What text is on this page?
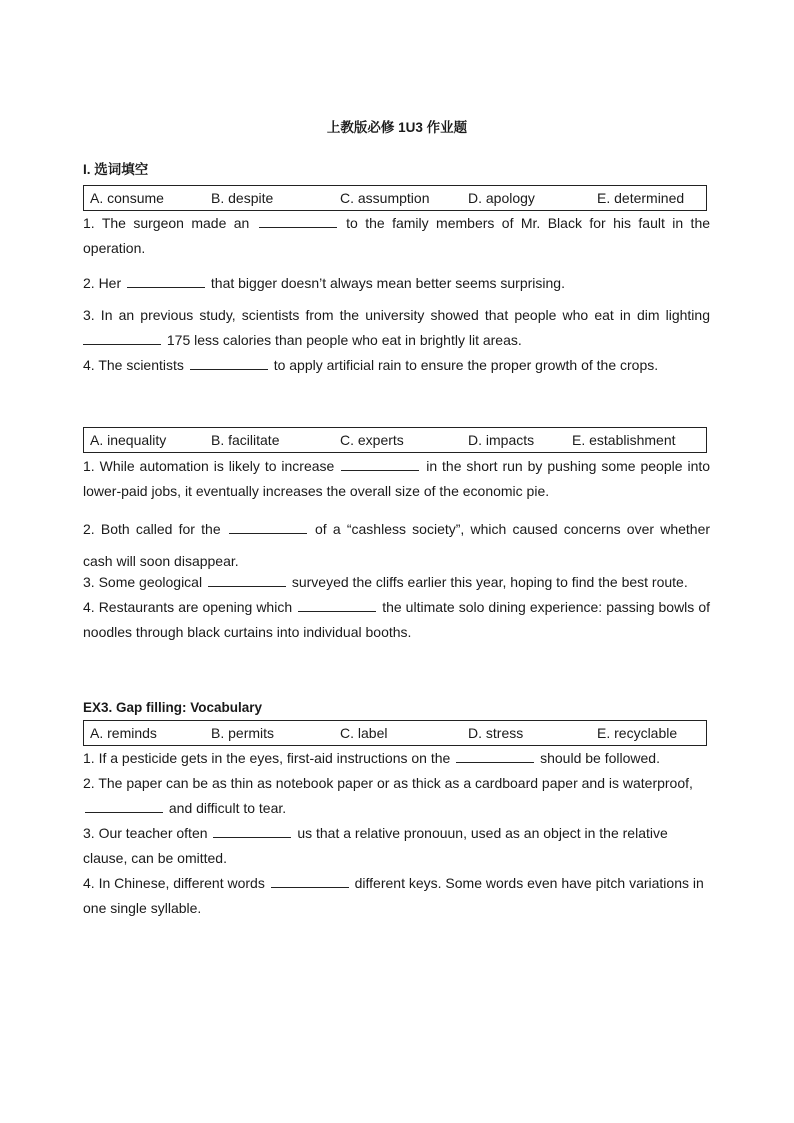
上教版必修 1U3 作业题
I. 选词填空
A. consume	B. despite	C. assumption	D. apology	E. determined
1. The surgeon made an	to the family members of Mr. Black for his fault in the operation.
2. Her	that bigger doesn’t always mean better seems surprising.
3. In an previous study, scientists from the university showed that people who eat in dim lighting  175 less calories than people who eat in brightly lit areas.
4. The scientists	to apply artificial rain to ensure the proper growth of the crops.
A. inequality	B. facilitate	C. experts	D. impacts	E. establishment
1. While automation is likely to increase	in the short run by pushing some people into lower-paid jobs, it eventually increases the overall size of the economic pie.
2. Both called for the	of a “cashless society”, which caused concerns over whether cash will soon disappear.
3. Some geological	surveyed the cliffs earlier this year, hoping to find the best route.
4. Restaurants are opening which	the ultimate solo dining experience: passing bowls of noodles through black curtains into individual booths.
EX3. Gap filling: Vocabulary
A. reminds	B. permits	C. label	D. stress	E. recyclable
1. If a pesticide gets in the eyes, first-aid instructions on the	should be followed.
2. The paper can be as thin as notebook paper or as thick as a cardboard paper and is waterproof,  and difficult to tear.
3. Our teacher often	us that a relative pronouun, used as an object in the relative clause, can be omitted.
4. In Chinese, different words	different keys. Some words even have pitch variations in one single syllable.
